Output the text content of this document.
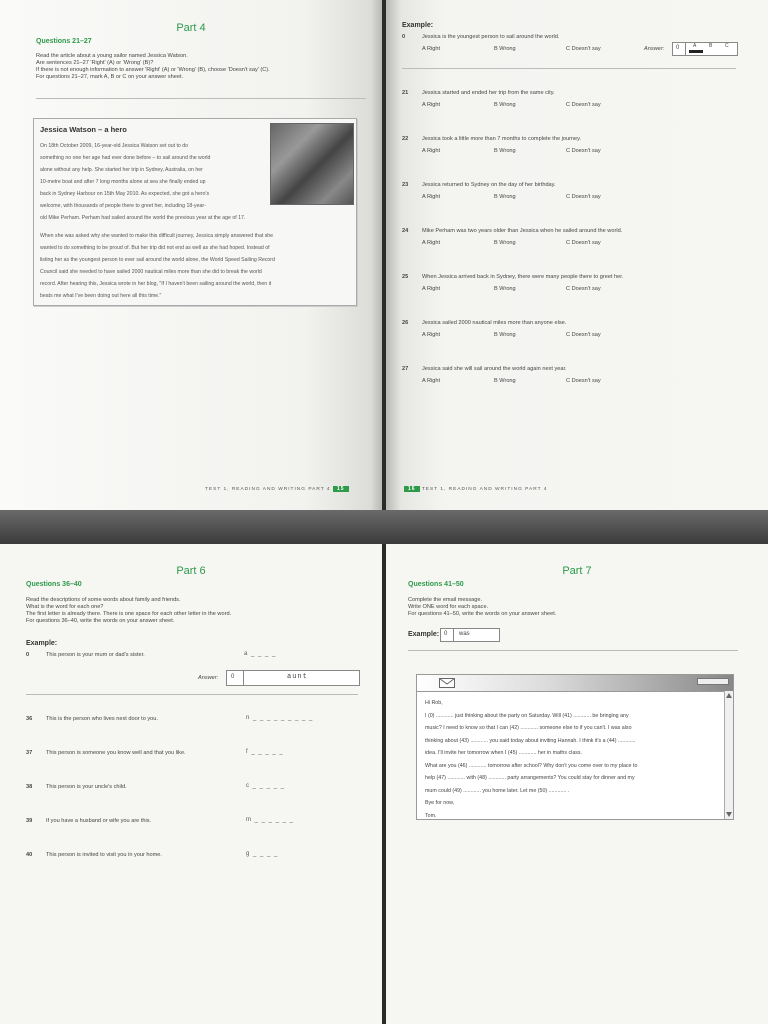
Part 4
Questions 21–27
Read the article about a young sailor named Jessica Watson.
Are sentences 21–27 'Right' (A) or 'Wrong' (B)?
If there is not enough information to answer 'Right' (A) or 'Wrong' (B), choose 'Doesn't say' (C).
For questions 21–27, mark A, B or C on your answer sheet.
Jessica Watson – a hero

On 18th October 2009, 16-year-old Jessica Watson set out to do

something no one her age had ever done before – to sail around the world

alone without any help. She started her trip in Sydney, Australia, on her

10-metre boat and after 7 long months alone at sea she finally ended up

back in Sydney Harbour on 15th May 2010. As expected, she got a hero's

welcome, with thousands of people there to greet her, including 18-year-

old Mike Perham. Perham had sailed around the world the previous year at the age of 17.

When she was asked why she wanted to make this difficult journey, Jessica simply answered that she

wanted to do something to be proud of. But her trip did not end as well as she had hoped. Instead of

listing her as the youngest person to ever sail around the world alone, the World Speed Sailing Record

Council said she needed to have sailed 2000 nautical miles more than she did to break the world

record. After hearing this, Jessica wrote in her blog, "If I haven't been sailing around the world, then it

beats me what I've been doing out here all this time."

TEST 1, READING AND WRITING PART 4 15
Example:
0	Jessica is the youngest person to sail around the world.
A Right	B Wrong	C Doesn't say	Answer: 0	A	B	C
21 Jessica started and ended her trip from the same city.
A Right	B Wrong	C Doesn't say
22 Jessica took a little more than 7 months to complete the journey.
A Right	B Wrong	C Doesn't say
23 Jessica returned to Sydney on the day of her birthday.
A Right	B Wrong	C Doesn't say
24 Mike Perham was two years older than Jessica when he sailed around the world.
A Right	B Wrong	C Doesn't say
25 When Jessica arrived back in Sydney, there were many people there to greet her.
A Right	B Wrong	C Doesn't say
26 Jessica sailed 2000 nautical miles more than anyone else.
A Right	B Wrong	C Doesn't say
27 Jessica said she will sail around the world again next year.
A Right	B Wrong	C Doesn't say
16 TEST 1, READING AND WRITING PART 4
Part 6
Questions 36–40
Read the descriptions of some words about family and friends.
What is the word for each one?
The first letter is already there. There is one space for each other letter in the word.
For questions 36–40, write the words on your answer sheet.
Example:
0	This person is your mum or dad's sister.	a _ _ _ _
Answer: 0	aunt
36 This is the person who lives next door to you.	n _ _ _ _ _ _ _ _ _
37 This person is someone you know well and that you like.	f _ _ _ _ _
38 This person is your uncle's child.	c _ _ _ _ _
39 If you have a husband or wife you are this.	m _ _ _ _ _ _
40 This person is invited to visit you in your home.	g _ _ _ _
Part 7
Questions 41–50
Complete the email message.
Write ONE word for each space.
For questions 41–50, write the words on your answer sheet.
Example: 0 was
Hi Rob,
I (0) ............ just thinking about the party on Saturday. Will (41) ............ be bringing any
music? I need to know so that I can (42) ............ someone else to if you can't. I was also
thinking about (43) ............ you said today about inviting Hannah. I think it's a (44) ............
idea. I'll invite her tomorrow when I (45) ............ her in maths class.
What are you (46) ............ tomorrow after school? Why don't you come over to my place to
help (47) ............ with (48) ............ party arrangements? You could stay for dinner and my
mum could (49) ............ you home later. Let me (50) ............ .
Bye for now,
Tom.
